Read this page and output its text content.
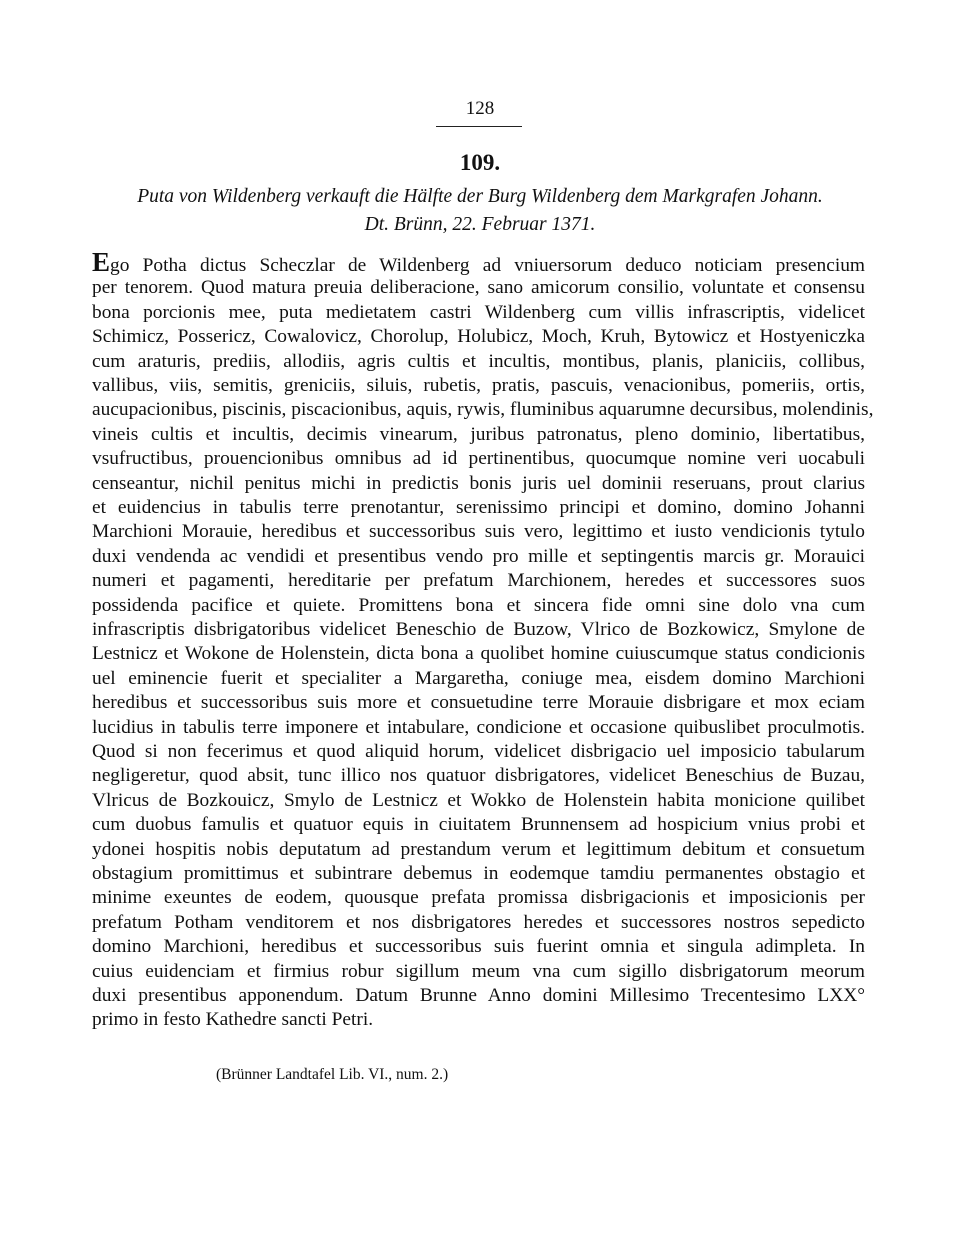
128
109.
Puta von Wildenberg verkauft die Hälfte der Burg Wildenberg dem Markgrafen Johann.
Dt. Brünn, 22. Februar 1371.
Ego Potha dictus Scheczlar de Wildenberg ad vniuersorum deduco noticiam presencium
per tenorem. Quod matura preuia deliberacione, sano amicorum consilio, voluntate et consensu
bona porcionis mee, puta medietatem castri Wildenberg cum villis infrascriptis, videlicet
Schimicz, Possericz, Cowalovicz, Chorolup, Holubicz, Moch, Kruh, Bytowicz et Hostyeniczka
cum araturis, prediis, allodiis, agris cultis et incultis, montibus, planis, planiciis, collibus,
vallibus, viis, semitis, greniciis, siluis, rubetis, pratis, pascuis, venacionibus, pomeriis, ortis,
aucupacionibus, piscinis, piscacionibus, aquis, rywis, fluminibus aquarumne decursibus, molendinis,
vineis cultis et incultis, decimis vinearum, juribus patronatus, pleno dominio, libertatibus,
vsufructibus, prouencionibus omnibus ad id pertinentibus, quocumque nomine veri uocabuli
censeantur, nichil penitus michi in predictis bonis juris uel dominii reseruans, prout clarius
et euidencius in tabulis terre prenotantur, serenissimo principi et domino, domino Johanni
Marchioni Morauie, heredibus et successoribus suis vero, legittimo et iusto vendicionis tytulo
duxi vendenda ac vendidi et presentibus vendo pro mille et septingentis marcis gr. Morauici
numeri et pagamenti, hereditarie per prefatum Marchionem, heredes et successores suos
possidenda pacifice et quiete. Promittens bona et sincera fide omni sine dolo vna cum
infrascriptis disbrigatoribus videlicet Beneschio de Buzow, Vlrico de Bozkowicz, Smylone de
Lestnicz et Wokone de Holenstein, dicta bona a quolibet homine cuiuscumque status condicionis
uel eminencie fuerit et specialiter a Margaretha, coniuge mea, eisdem domino Marchioni
heredibus et successoribus suis more et consuetudine terre Morauie disbrigare et mox eciam
lucidius in tabulis terre imponere et intabulare, condicione et occasione quibuslibet proculmotis.
Quod si non fecerimus et quod aliquid horum, videlicet disbrigacio uel imposicio tabularum
negligeretur, quod absit, tunc illico nos quatuor disbrigatores, videlicet Beneschius de Buzau,
Vlricus de Bozkouicz, Smylo de Lestnicz et Wokko de Holenstein habita monicione quilibet
cum duobus famulis et quatuor equis in ciuitatem Brunnensem ad hospicium vnius probi et
ydonei hospitis nobis deputatum ad prestandum verum et legittimum debitum et consuetum
obstagium promittimus et subintrare debemus in eodemque tamdiu permanentes obstagio et
minime exeuntes de eodem, quousque prefata promissa disbrigacionis et imposicionis per
prefatum Potham venditorem et nos disbrigatores heredes et successores nostros sepedicto
domino Marchioni, heredibus et successoribus suis fuerint omnia et singula adimpleta. In
cuius euidenciam et firmius robur sigillum meum vna cum sigillo disbrigatorum meorum
duxi presentibus apponendum. Datum Brunne Anno domini Millesimo Trecentesimo LXX°
primo in festo Kathedre sancti Petri.
(Brünner Landtafel Lib. VI., num. 2.)
